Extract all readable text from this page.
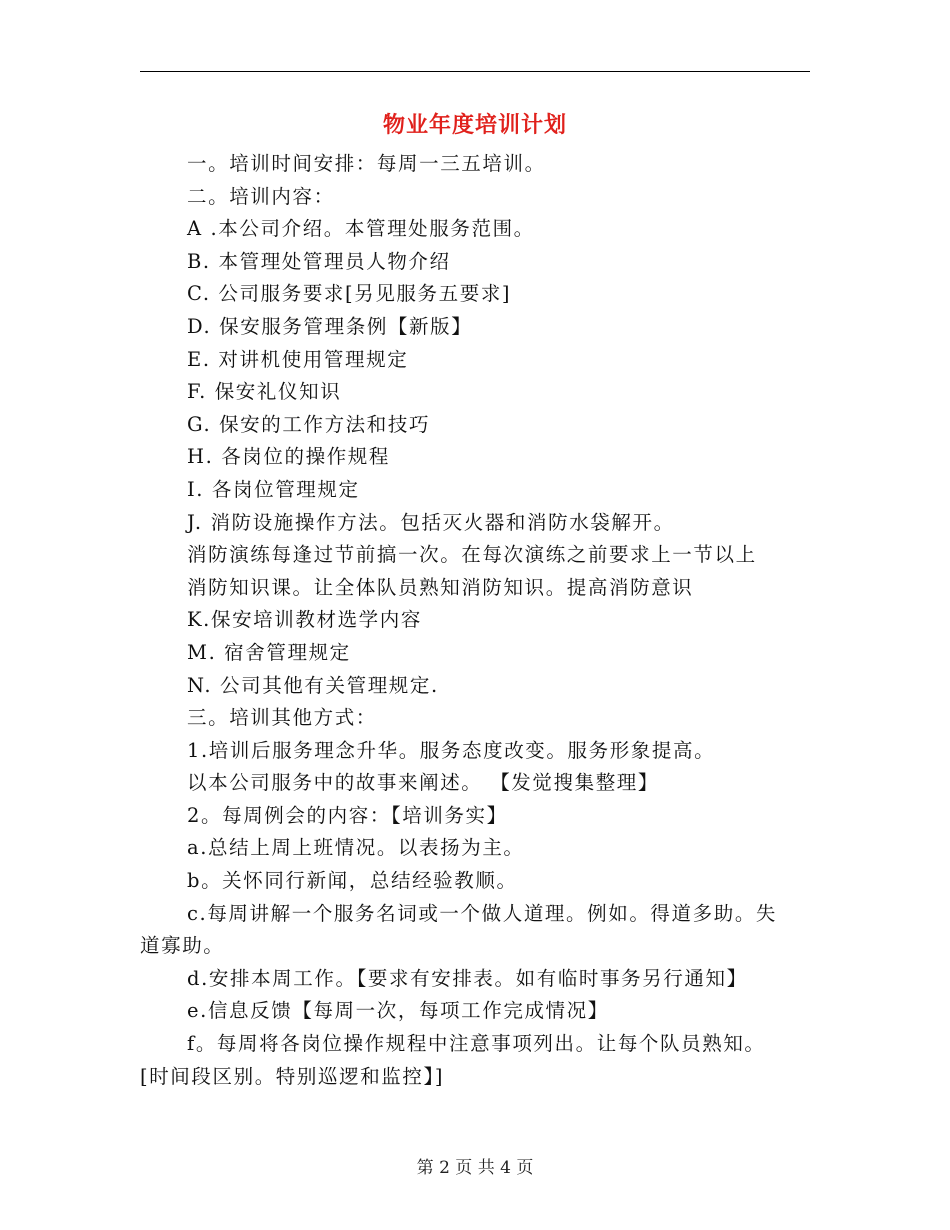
物业年度培训计划
一。培训时间安排：每周一三五培训。
二。培训内容：
A .本公司介绍。本管理处服务范围。
B. 本管理处管理员人物介绍
C. 公司服务要求[另见服务五要求]
D. 保安服务管理条例【新版】
E. 对讲机使用管理规定
F. 保安礼仪知识
G. 保安的工作方法和技巧
H. 各岗位的操作规程
I. 各岗位管理规定
J. 消防设施操作方法。包括灭火器和消防水袋解开。
消防演练每逢过节前搞一次。在每次演练之前要求上一节以上
消防知识课。让全体队员熟知消防知识。提高消防意识
K.保安培训教材选学内容
M. 宿舍管理规定
N. 公司其他有关管理规定.
三。培训其他方式：
1.培训后服务理念升华。服务态度改变。服务形象提高。
以本公司服务中的故事来阐述。 【发觉搜集整理】
2。每周例会的内容：【培训务实】
a.总结上周上班情况。以表扬为主。
b。关怀同行新闻，总结经验教顺。
c.每周讲解一个服务名词或一个做人道理。例如。得道多助。失
道寡助。
d.安排本周工作。【要求有安排表。如有临时事务另行通知】
e.信息反馈【每周一次，每项工作完成情况】
f。每周将各岗位操作规程中注意事项列出。让每个队员熟知。
[时间段区别。特别巡逻和监控】]
第 2 页 共 4 页
